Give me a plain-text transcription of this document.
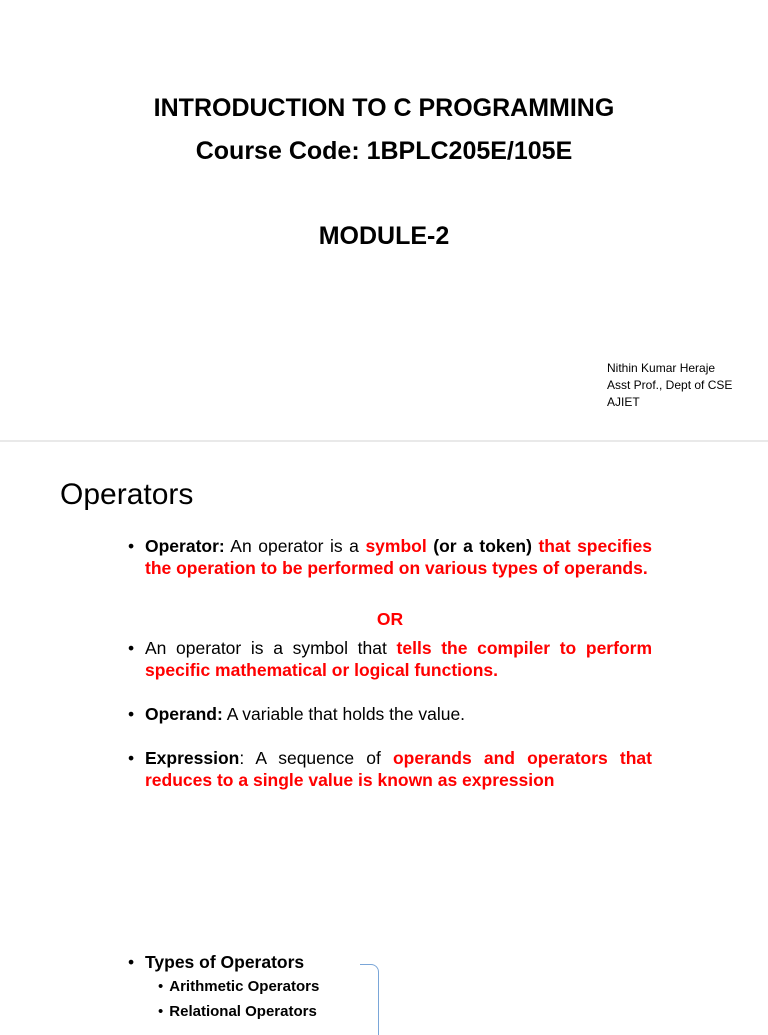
INTRODUCTION TO C PROGRAMMING
Course Code: 1BPLC205E/105E
MODULE-2
Nithin Kumar Heraje
Asst Prof., Dept of CSE
AJIET
Operators
• Operator: An operator is a symbol (or a token) that specifies the operation to be performed on various types of operands.
OR
• An operator is a symbol that tells the compiler to perform specific mathematical or logical functions.
• Operand: A variable that holds the value.
• Expression: A sequence of operands and operators that reduces to a single value is known as expression
• Types of Operators
• Arithmetic Operators
• Relational Operators
